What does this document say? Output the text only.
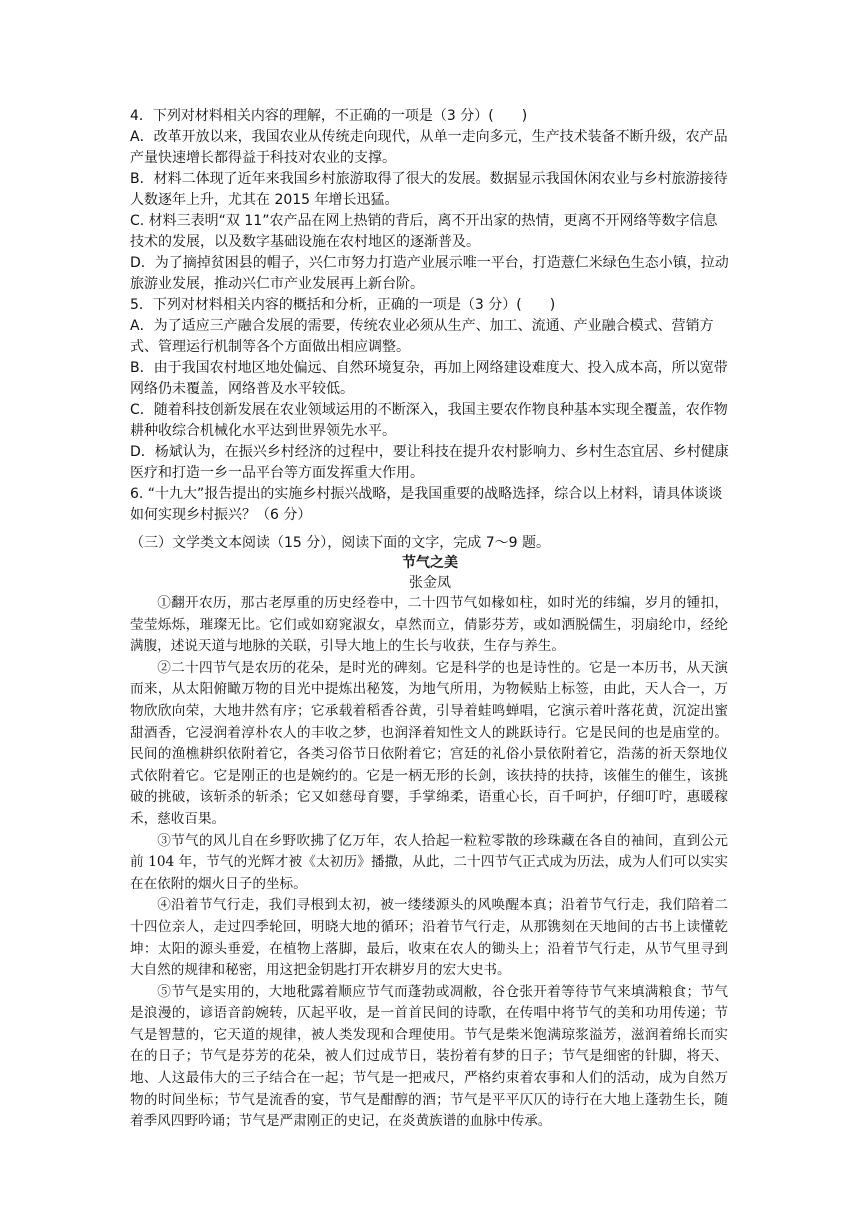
4．下列对材料相关内容的理解，不正确的一项是（3 分）(　　)

A．改革开放以来，我国农业从传统走向现代，从单一走向多元，生产技术装备不断升级，农产品产量快速增长都得益于科技对农业的支撑。

B．材料二体现了近年来我国乡村旅游取得了很大的发展。数据显示我国休闲农业与乡村旅游接待人数逐年上升，尤其在 2015 年增长迅猛。

C. 材料三表明“双 11”农产品在网上热销的背后，离不开出家的热情，更离不开网络等数字信息技术的发展，以及数字基础设施在农村地区的逐渐普及。

D．为了摘掉贫困县的帽子，兴仁市努力打造产业展示唯一平台，打造薏仁米绿色生态小镇，拉动旅游业发展，推动兴仁市产业发展再上新台阶。

5．下列对材料相关内容的概括和分析，正确的一项是（3 分）(　　)

A．为了适应三产融合发展的需要，传统农业必须从生产、加工、流通、产业融合模式、营销方式、管理运行机制等各个方面做出相应调整。

B．由于我国农村地区地处偏远、自然环境复杂，再加上网络建设难度大、投入成本高，所以宽带网络仍未覆盖，网络普及水平较低。

C．随着科技创新发展在农业领域运用的不断深入，我国主要农作物良种基本实现全覆盖，农作物耕种收综合机械化水平达到世界领先水平。

D．杨斌认为，在振兴乡村经济的过程中，要让科技在提升农村影响力、乡村生态宜居、乡村健康医疗和打造一乡一品平台等方面发挥重大作用。

6. “十九大”报告提出的实施乡村振兴战略，是我国重要的战略选择，综合以上材料，请具体谈谈如何实现乡村振兴？（6 分）

（三）文学类文本阅读（15 分），阅读下面的文字，完成 7～9 题。
节气之美
张金凤

①翻开农历，那古老厚重的历史经卷中，二十四节气如椽如柱，如时光的纬编，岁月的锺扣，莹莹烁烁，璀璨无比。它们或如窈窕淑女，卓然而立，倩影芬芳，或如洒脱儒生，羽扇纶巾，经纶满腹，述说天道与地脉的关联，引导大地上的生长与收获，生存与养生。

②二十四节气是农历的花朵，是时光的碑刻。它是科学的也是诗性的。它是一本历书，从天演而来，从太阳俯瞰万物的目光中提炼出秘笈，为地气所用，为物候贴上标签，由此，天人合一，万物欣欣向荣，大地井然有序；它承载着稻香谷黄，引导着蛙鸣蝉唱，它演示着叶落花黄，沉淀出蜜甜酒香，它浸润着淳朴农人的丰收之梦，也润泽着知性文人的跳跃诗行。它是民间的也是庙堂的。民间的渔樵耕织依附着它，各类习俗节日依附着它；宫廷的礼俗小景依附着它，浩荡的祈天祭地仪式依附着它。它是刚正的也是婉约的。它是一柄无形的长剑，该扶持的扶持，该催生的催生，该挑破的挑破，该斩杀的斩杀；它又如慈母育婴，手掌绵柔，语重心长，百千呵护，仔细叮咛，惠暖稼禾，慈收百果。

③节气的风儿自在乡野吹拂了亿万年，农人拾起一粒粒零散的珍珠藏在各自的袖间，直到公元前 104 年，节气的光辉才被《太初历》播撒，从此，二十四节气正式成为历法，成为人们可以实实在在依附的烟火日子的坐标。

④沿着节气行走，我们寻根到太初，被一缕缕源头的风唤醒本真；沿着节气行走，我们陪着二十四位亲人，走过四季轮回，明晓大地的循环；沿着节气行走，从那镌刻在天地间的古书上读懂乾坤：太阳的源头垂爱，在植物上落脚，最后，收束在农人的锄头上；沿着节气行走，从节气里寻到大自然的规律和秘密，用这把金钥匙打开农耕岁月的宏大史书。

⑤节气是实用的，大地秕露着顺应节气而蓬勃或凋敝，谷仓张开着等待节气来填满粮食；节气是浪漫的，谚语音韵婉转，仄起平收，是一首首民间的诗歌，在传唱中将节气的美和功用传递；节气是智慧的，它天道的规律，被人类发现和合理使用。节气是柴米饱满琼浆溢芳，滋润着绵长而实在的日子；节气是芬芳的花朵，被人们过成节日，装扮着有梦的日子；节气是细密的针脚，将天、地、人这最伟大的三子结合在一起；节气是一把戒尺，严格约束着农事和人们的活动，成为自然万物的时间坐标；节气是流香的宴，节气是酣醇的酒；节气是平平仄仄的诗行在大地上蓬勃生长，随着季风四野吟诵；节气是严肃刚正的史记，在炎黄族谱的血脉中传承。
